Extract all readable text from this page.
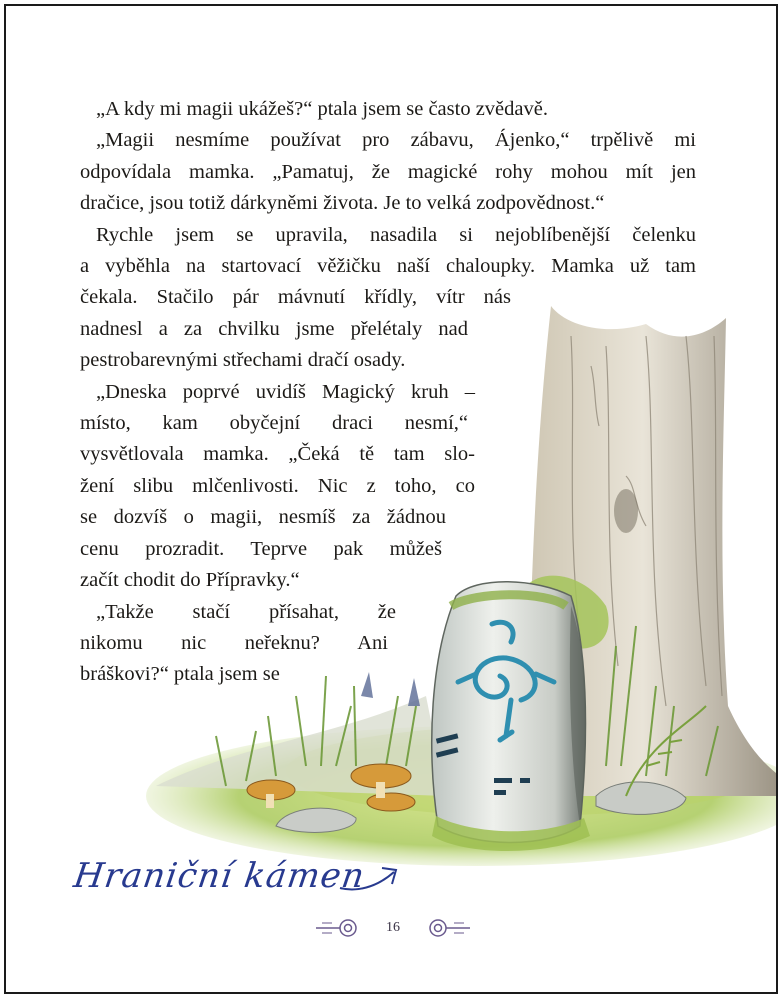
„A kdy mi magii ukážeš?“ ptala jsem se často zvědavě.

„Magii nesmíme používat pro zábavu, Ájenko,“ trpělivě mi
odpovídala mamka. „Pamatuj, že magické rohy mohou mít jen
dračice, jsou totiž dárkyněmi života. Je to velká zodpovědnost.“

Rychle jsem se upravila, nasadila si nejoblíbenější čelenku
a vyběhla na startovací věžičku naší chaloupky. Mamka už tam
čekala. Stačilo pár mávnutí křídly, vítr nás
nadnesl a za chvilku jsme přelétaly nad
pestrobarevnými střechami dračí osady.

„Dneska poprvé uvidíš Magický kruh –
místo, kam obyčejní draci nesmí,“
vysvětlovala mamka. „Čeká tě tam slo-
žení slibu mlčenlivosti. Nic z toho, co
se dozvíš o magii, nesmíš za žádnou
cenu prozradit. Teprve pak můžeš
začít chodit do Přípravky.“

„Takže stačí přísahat, že
nikomu nic neřeknu? Ani
bráškovi?“ ptala jsem se

Hraniční kámen
16
